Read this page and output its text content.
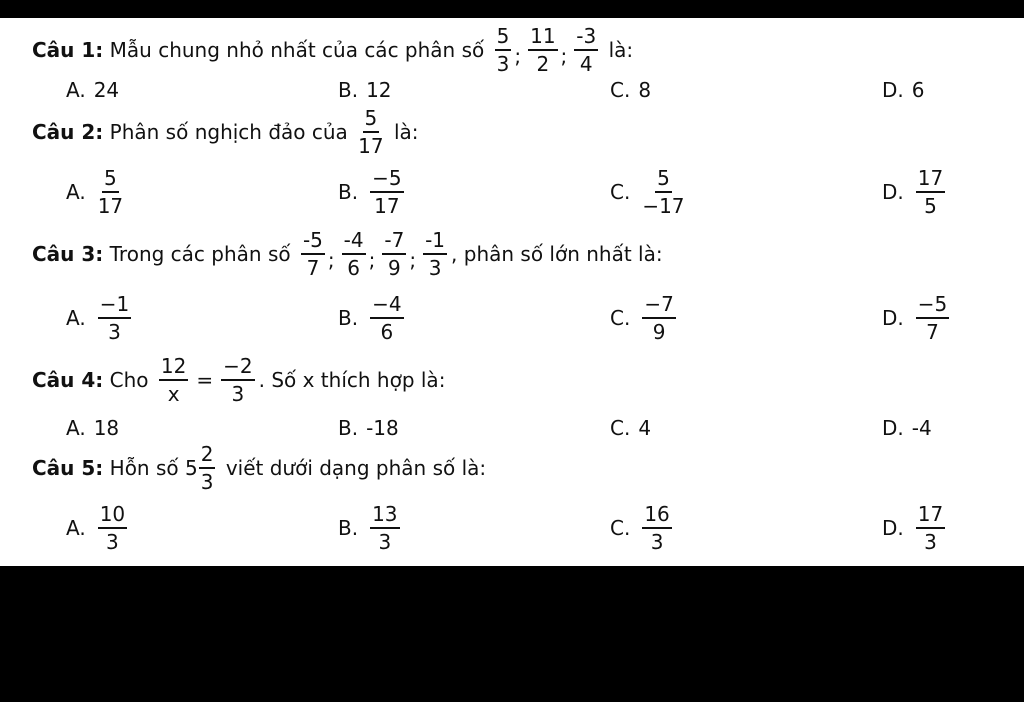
Câu 1:
Mẫu chung nhỏ nhất của các phân số
$\frac{5}{3}$ ; $\frac{11}{2}$ ; $\frac{-3}{4}$
là:
A. 24	B. 12	C. 8	D. 6
Câu 2:
Phân số nghịch đảo của
$\frac{5}{17}$
là:
A. $\frac{5}{17}$	B. $\frac{-5}{17}$	C. $\frac{5}{-17}$	D. $\frac{17}{5}$
Câu 3:
Trong các phân số
$\frac{-5}{7}$ ; $\frac{-4}{6}$ ; $\frac{-7}{9}$ ; $\frac{-1}{3}$ , phân số lớn nhất là:
A. $\frac{-1}{3}$	B. $\frac{-4}{6}$	C. $\frac{-7}{9}$	D. $\frac{-5}{7}$
Câu 4:
Cho
$\frac{12}{x} = \frac{-2}{3}$ . Số x thích hợp là:
A. 18	B. -18	C. 4	D. -4
Câu 5:
Hỗn số
$5 \frac{2}{3}$
viết dưới dạng phân số là:
A. $\frac{10}{3}$	B. $\frac{13}{3}$	C. $\frac{16}{3}$	D. $\frac{17}{3}$
